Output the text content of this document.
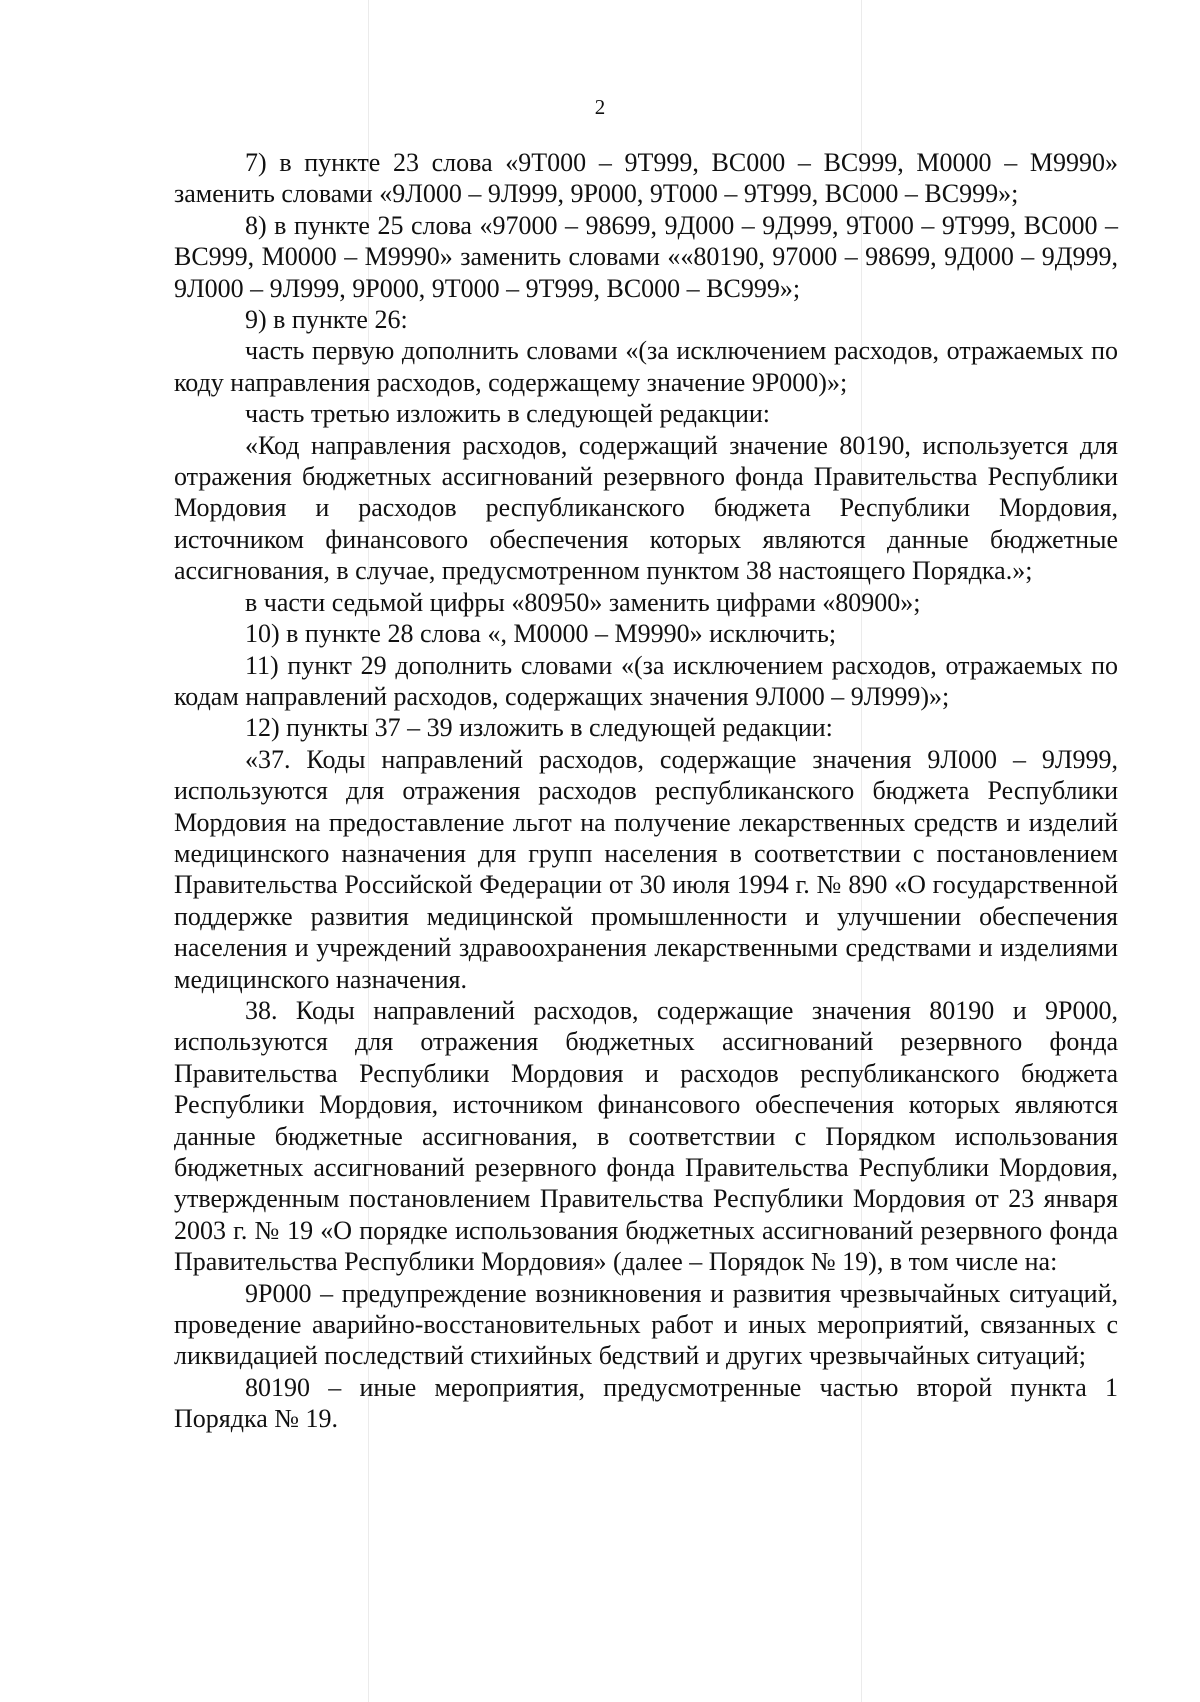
2

7) в пункте 23 слова «9Т000 – 9Т999, ВС000 – ВС999, М0000 – М9990» заменить словами «9Л000 – 9Л999, 9Р000, 9Т000 – 9Т999, ВС000 – ВС999»;

8) в пункте 25 слова «97000 – 98699, 9Д000 – 9Д999, 9Т000 – 9Т999, ВС000 – ВС999, М0000 – М9990» заменить словами ««80190, 97000 – 98699, 9Д000 – 9Д999, 9Л000 – 9Л999, 9Р000, 9Т000 – 9Т999, ВС000 – ВС999»;

9) в пункте 26:

часть первую дополнить словами «(за исключением расходов, отражаемых по коду направления расходов, содержащему значение 9Р000)»;

часть третью изложить в следующей редакции:

«Код направления расходов, содержащий значение 80190, используется для отражения бюджетных ассигнований резервного фонда Правительства Республики Мордовия и расходов республиканского бюджета Республики Мордовия, источником финансового обеспечения которых являются данные бюджетные ассигнования, в случае, предусмотренном пунктом 38 настоящего Порядка.»;

в части седьмой цифры «80950» заменить цифрами «80900»;

10) в пункте 28 слова «, М0000 – М9990» исключить;

11) пункт 29 дополнить словами «(за исключением расходов, отражаемых по кодам направлений расходов, содержащих значения 9Л000 – 9Л999)»;

12) пункты 37 – 39 изложить в следующей редакции:

«37. Коды направлений расходов, содержащие значения 9Л000 – 9Л999, используются для отражения расходов республиканского бюджета Республики Мордовия на предоставление льгот на получение лекарственных средств и изделий медицинского назначения для групп населения в соответствии с постановлением Правительства Российской Федерации от 30 июля 1994 г. № 890 «О государственной поддержке развития медицинской промышленности и улучшении обеспечения населения и учреждений здравоохранения лекарственными средствами и изделиями медицинского назначения.

38. Коды направлений расходов, содержащие значения 80190 и 9Р000, используются для отражения бюджетных ассигнований резервного фонда Правительства Республики Мордовия и расходов республиканского бюджета Республики Мордовия, источником финансового обеспечения которых являются данные бюджетные ассигнования, в соответствии с Порядком использования бюджетных ассигнований резервного фонда Правительства Республики Мордовия, утвержденным постановлением Правительства Республики Мордовия от 23 января 2003 г. № 19 «О порядке использования бюджетных ассигнований резервного фонда Правительства Республики Мордовия» (далее – Порядок № 19), в том числе на:

9Р000 – предупреждение возникновения и развития чрезвычайных ситуаций, проведение аварийно-восстановительных работ и иных мероприятий, связанных с ликвидацией последствий стихийных бедствий и других чрезвычайных ситуаций;

80190 – иные мероприятия, предусмотренные частью второй пункта 1 Порядка № 19.
